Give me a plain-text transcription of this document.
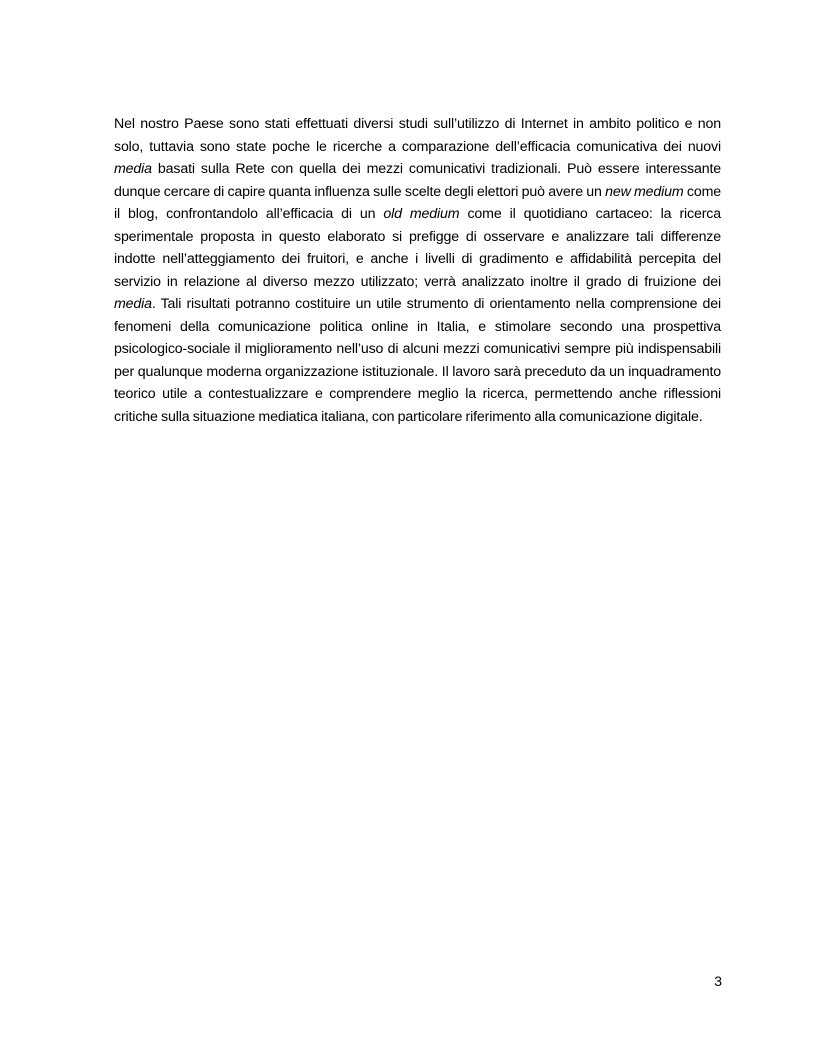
Nel nostro Paese sono stati effettuati diversi studi sull’utilizzo di Internet in ambito politico e non solo, tuttavia sono state poche le ricerche a comparazione dell’efficacia comunicativa dei nuovi media basati sulla Rete con quella dei mezzi comunicativi tradizionali. Può essere interessante dunque cercare di capire quanta influenza sulle scelte degli elettori può avere un new medium come il blog, confrontandolo all’efficacia di un old medium come il quotidiano cartaceo: la ricerca sperimentale proposta in questo elaborato si prefigge di osservare e analizzare tali differenze indotte nell’atteggiamento dei fruitori, e anche i livelli di gradimento e affidabilità percepita del servizio in relazione al diverso mezzo utilizzato; verrà analizzato inoltre il grado di fruizione dei media. Tali risultati potranno costituire un utile strumento di orientamento nella comprensione dei fenomeni della comunicazione politica online in Italia, e stimolare secondo una prospettiva psicologico-sociale il miglioramento nell’uso di alcuni mezzi comunicativi sempre più indispensabili per qualunque moderna organizzazione istituzionale. Il lavoro sarà preceduto da un inquadramento teorico utile a contestualizzare e comprendere meglio la ricerca, permettendo anche riflessioni critiche sulla situazione mediatica italiana, con particolare riferimento alla comunicazione digitale.

3
